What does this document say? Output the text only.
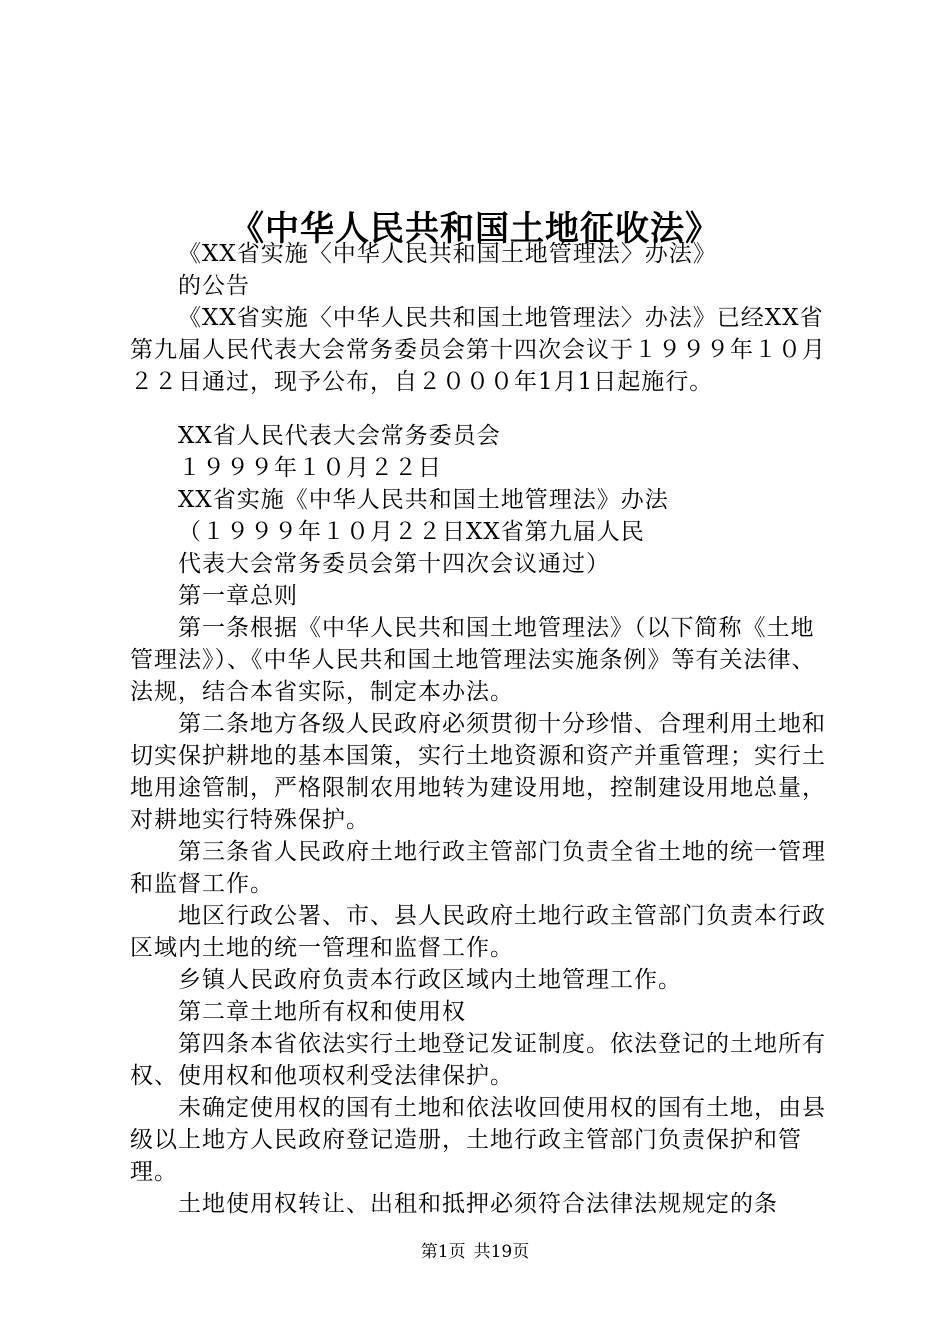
《中华人民共和国土地征收法》

《XX省实施〈中华人民共和国土地管理法〉办法》

的公告

《XX省实施〈中华人民共和国土地管理法〉办法》已经XX省第九届人民代表大会常务委员会第十四次会议于１９９９年１０月２２日通过，现予公布，自２０００年1月1日起施行。

XX省人民代表大会常务委员会

１９９９年１０月２２日

XX省实施《中华人民共和国土地管理法》办法

（１９９９年１０月２２日XX省第九届人民

代表大会常务委员会第十四次会议通过）

第一章总则

第一条根据《中华人民共和国土地管理法》（以下简称《土地管理法》）、《中华人民共和国土地管理法实施条例》等有关法律、法规，结合本省实际，制定本办法。

第二条地方各级人民政府必须贯彻十分珍惜、合理利用土地和切实保护耕地的基本国策，实行土地资源和资产并重管理；实行土地用途管制，严格限制农用地转为建设用地，控制建设用地总量，对耕地实行特殊保护。

第三条省人民政府土地行政主管部门负责全省土地的统一管理和监督工作。

地区行政公署、市、县人民政府土地行政主管部门负责本行政区域内土地的统一管理和监督工作。

乡镇人民政府负责本行政区域内土地管理工作。

第二章土地所有权和使用权

第四条本省依法实行土地登记发证制度。依法登记的土地所有权、使用权和他项权利受法律保护。

未确定使用权的国有土地和依法收回使用权的国有土地，由县级以上地方人民政府登记造册，土地行政主管部门负责保护和管理。

土地使用权转让、出租和抵押必须符合法律法规规定的条

第1页 共19页
